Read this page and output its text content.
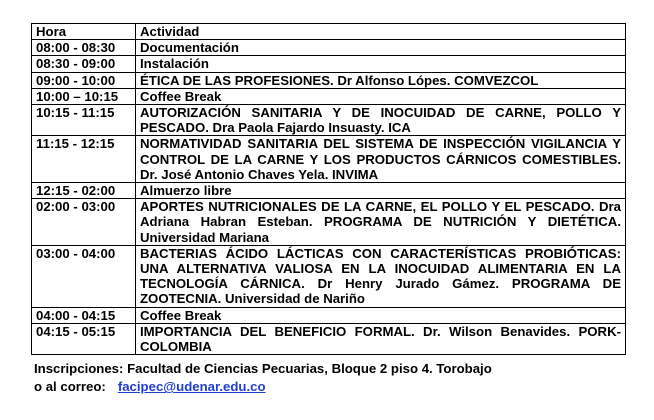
Hora	Actividad
08:00 - 08:30	Documentación
08:30 - 09:00	Instalación
09:00 - 10:00	ÉTICA DE LAS PROFESIONES. Dr Alfonso Lópes. COMVEZCOL
10:00 – 10:15	Coffee Break
10:15 - 11:15	AUTORIZACIÓN SANITARIA Y DE INOCUIDAD DE CARNE, POLLO Y PESCADO. Dra Paola Fajardo Insuasty. ICA
11:15 - 12:15	NORMATIVIDAD SANITARIA DEL SISTEMA DE INSPECCIÓN VIGILANCIA Y CONTROL DE LA CARNE Y LOS PRODUCTOS CÁRNICOS COMESTIBLES. Dr. José Antonio Chaves Yela. INVIMA
12:15 - 02:00	Almuerzo libre
02:00 - 03:00	APORTES NUTRICIONALES DE LA CARNE, EL POLLO Y EL PESCADO. Dra Adriana Habran Esteban. PROGRAMA DE NUTRICIÓN Y DIETÉTICA. Universidad Mariana
03:00 - 04:00	BACTERIAS ÁCIDO LÁCTICAS CON CARACTERÍSTICAS PROBIÓTICAS: UNA ALTERNATIVA VALIOSA EN LA INOCUIDAD ALIMENTARIA EN LA TECNOLOGÍA CÁRNICA. Dr Henry Jurado Gámez. PROGRAMA DE ZOOTECNIA. Universidad de Nariño
04:00 - 04:15	Coffee Break
04:15 - 05:15	IMPORTANCIA DEL BENEFICIO FORMAL. Dr. Wilson Benavides. PORK-COLOMBIA
Inscripciones: Facultad de Ciencias Pecuarias, Bloque 2 piso 4. Torobajo
o al correo: facipec@udenar.edu.co
